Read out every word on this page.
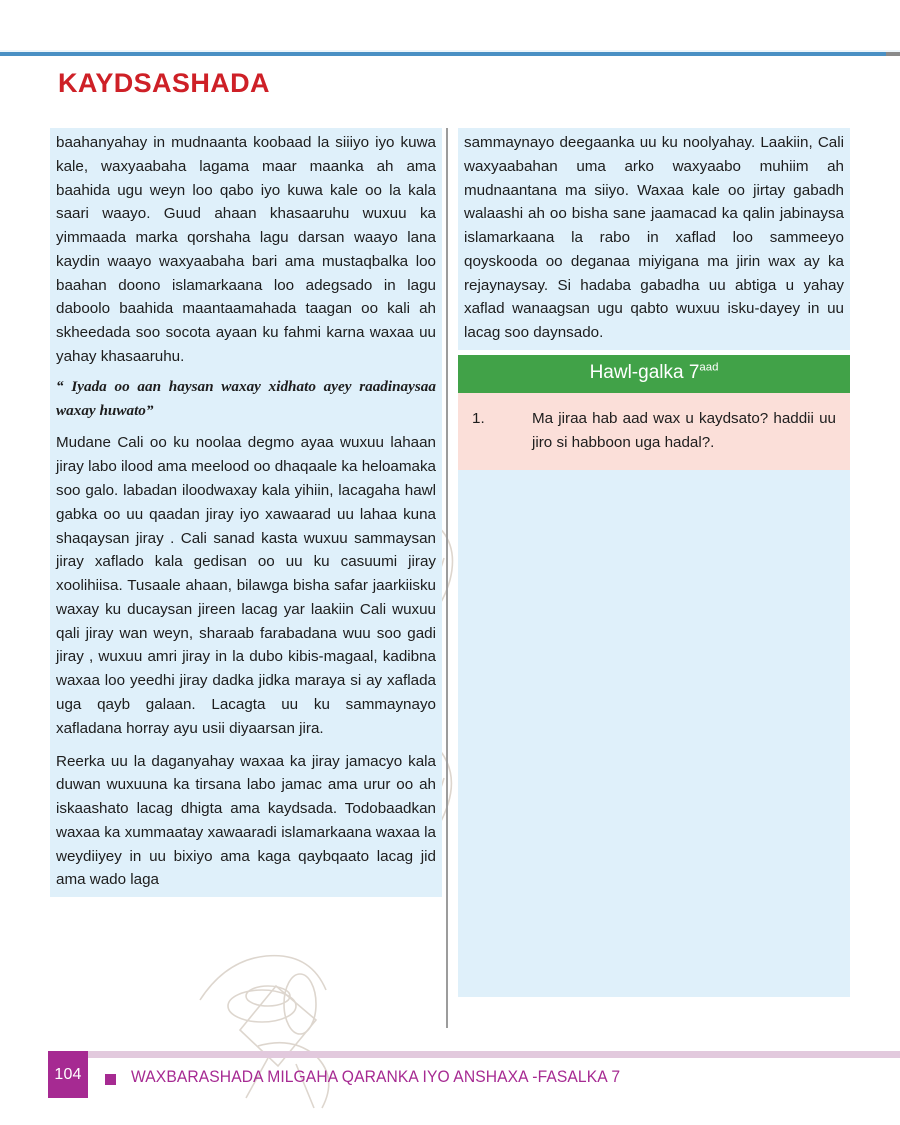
KAYDSASHADA

baahanyahay in mudnaanta koobaad la siiiyo iyo kuwa kale, waxyaabaha lagama maar maanka ah ama baahida ugu weyn loo qabo iyo kuwa kale oo la kala saari waayo. Guud ahaan khasaaruhu wuxuu ka yimmaada marka qorshaha lagu darsan waayo lana kaydin waayo waxyaabaha bari ama mustaqbalka loo baahan doono islamarkaana loo adegsado in lagu daboolo baahida maantaamahada taagan oo kali ah skheedada soo socota ayaan ku fahmi karna waxaa uu yahay khasaaruhu.

“ Iyada oo aan haysan waxay xidhato ayey raadinaysaa waxay huwato”

Mudane Cali oo ku noolaa degmo ayaa wuxuu lahaan jiray labo ilood ama meelood oo dhaqaale ka heloamaka soo galo. labadan iloodwaxay kala yihiin, lacagaha hawl gabka oo uu qaadan jiray iyo xawaarad uu lahaa kuna shaqaysan jiray . Cali sanad kasta wuxuu sammaysan jiray xaflado kala gedisan oo uu ku casuumi jiray xoolihiisa. Tusaale ahaan, bilawga bisha safar jaarkiisku waxay ku ducaysan jireen lacag yar laakiin Cali wuxuu qali jiray wan weyn, sharaab farabadana wuu soo gadi jiray , wuxuu amri jiray in la dubo kibis-magaal, kadibna waxaa loo yeedhi jiray dadka jidka maraya si ay xaflada uga qayb galaan. Lacagta uu ku sammaynayo xafladana horray ayu usii diyaarsan jira.

Reerka uu la daganyahay waxaa ka jiray jamacyo kala duwan wuxuuna ka tirsana labo jamac ama urur oo ah iskaashato lacag dhigta ama kaydsada. Todobaadkan waxaa ka xummaatay xawaaradi islamarkaana waxaa la weydiiyey in uu bixiyo ama kaga qaybqaato lacag jid ama wado laga

sammaynayo deegaanka uu ku noolyahay. Laakiin, Cali waxyaabahan uma arko waxyaabo muhiim ah mudnaantana ma siiyo. Waxaa kale oo jirtay gabadh walaashi ah oo bisha sane jaamacad ka qalin jabinaysa islamarkaana la rabo in xaflad loo sammeeyo qoyskooda oo deganaa miyigana ma jirin wax ay ka rejaynaysay. Si hadaba gabadha uu abtiga u yahay xaflad wanaagsan ugu qabto wuxuu isku-dayey in uu lacag soo daynsado.

Hawl-galka $7^{aad}$
1.	Ma jiraa hab aad wax u kaydsato? haddii uu jiro si habboon uga hadal?.
104	WAXBARASHADA MILGAHA QARANKA IYO ANSHAXA -FASALKA 7
